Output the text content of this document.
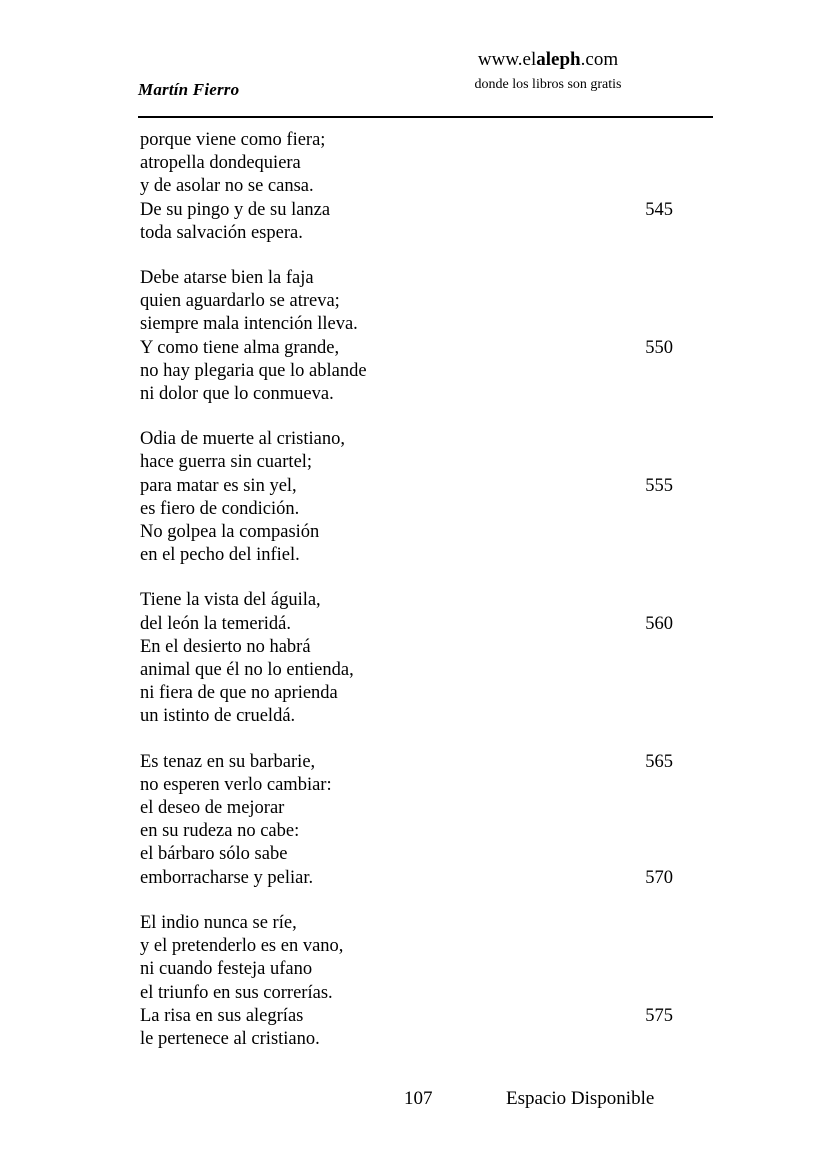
Martín Fierro
www.elaleph.com
donde los libros son gratis
porque viene como fiera;
atropella dondequiera
y de asolar no se cansa.
De su pingo y de su lanza	545
toda salvación espera.
Debe atarse bien la faja
quien aguardarlo se atreva;
siempre mala intención lleva.
Y como tiene alma grande,	550
no hay plegaria que lo ablande
ni dolor que lo conmueva.
Odia de muerte al cristiano,
hace guerra sin cuartel;
para matar es sin yel,	555
es fiero de condición.
No golpea la compasión
en el pecho del infiel.
Tiene la vista del águila,
del león la temeridá.	560
En el desierto no habrá
animal que él no lo entienda,
ni fiera de que no aprienda
un istinto de crueldá.
Es tenaz en su barbarie,	565
no esperen verlo cambiar:
el deseo de mejorar
en su rudeza no cabe:
el bárbaro sólo sabe
emborracharse y peliar.	570
El indio nunca se ríe,
y el pretenderlo es en vano,
ni cuando festeja ufano
el triunfo en sus correrías.
La risa en sus alegrías	575
le pertenece al cristiano.
107	Espacio Disponible
